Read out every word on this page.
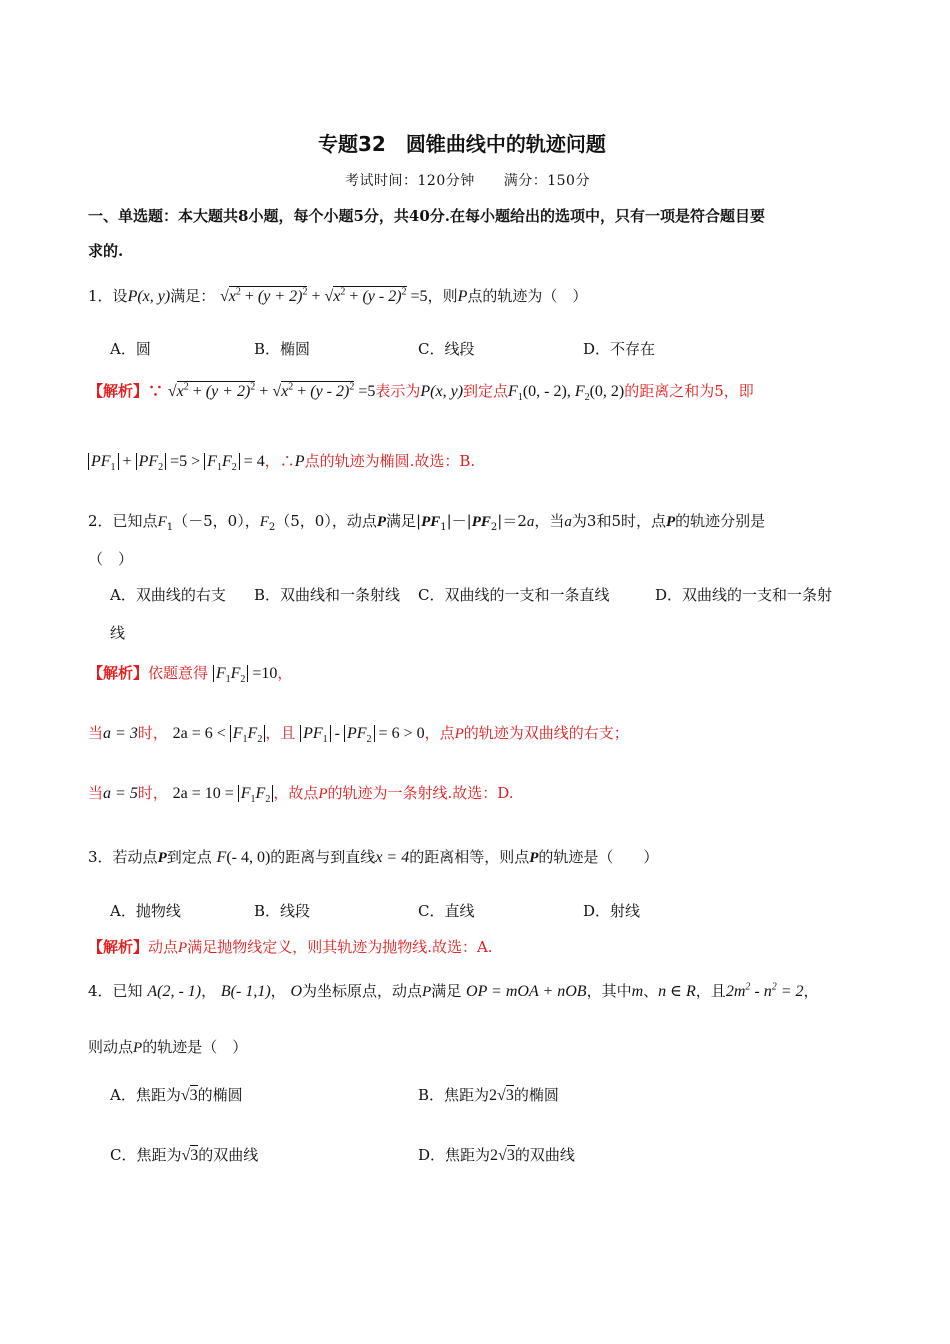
专题32　圆锥曲线中的轨迹问题
考试时间：120分钟　　满分：150分
一、单选题：本大题共8小题，每个小题5分，共40分.在每小题给出的选项中，只有一项是符合题目要
求的.
1．设P(x, y)满足： $√x^2 + (y + 2)^2 + √x^2 + (y - 2)^2 =5$，则P点的轨迹为（　）
A．圆	B．椭圆	C．线段	D．不存在
【解析】∵ $√x^2 + (y + 2)^2 + √x^2 + (y - 2)^2 =5$表示为P(x, y)到定点$F_1(0$, - 2), $F_2(0$, 2)的距离之和为5，即
$PF_1 + PF_2 =5 > F_1F_2 = 4$，∴P点的轨迹为椭圆.故选：B.
2．已知点$F_1(-5$，0），$F_2(5$，0），动点P满足$|PF_1|-|PF_2|=2a$，当a为3和5时，点P的轨迹分别是
（　）
A．双曲线的右支 B．双曲线和一条射线 C．双曲线的一支和一条直线	D．双曲线的一支和一条射
线
【解析】依题意得 $F_1F_2 =10$，
当a = 3时， $2a = 6 < F_1F_2$ ，且 $PF_1 - PF_2 = 6 > 0$，点P的轨迹为双曲线的右支；
当a = 5时， $2a = 10 = F_1F_2$ ，故点P的轨迹为一条射线.故选：D.
3．若动点P到定点 F(- 4, 0)的距离与到直线x = 4的距离相等，则点P的轨迹是（　　）
A．抛物线	B．线段	C．直线	D．射线
【解析】动点P满足抛物线定义，则其轨迹为抛物线.故选：A.
4．已知 A(2, - 1)， B(- 1,1)， O为坐标原点，动点P满足 OP = mOA + nOB，其中m、n ∈ R，且$2m^2 - n^2 = 2$，
则动点P的轨迹是（　）
A．焦距为√3的椭圆	B．焦距为2√3的椭圆
C．焦距为√3的双曲线	D．焦距为2√3的双曲线
